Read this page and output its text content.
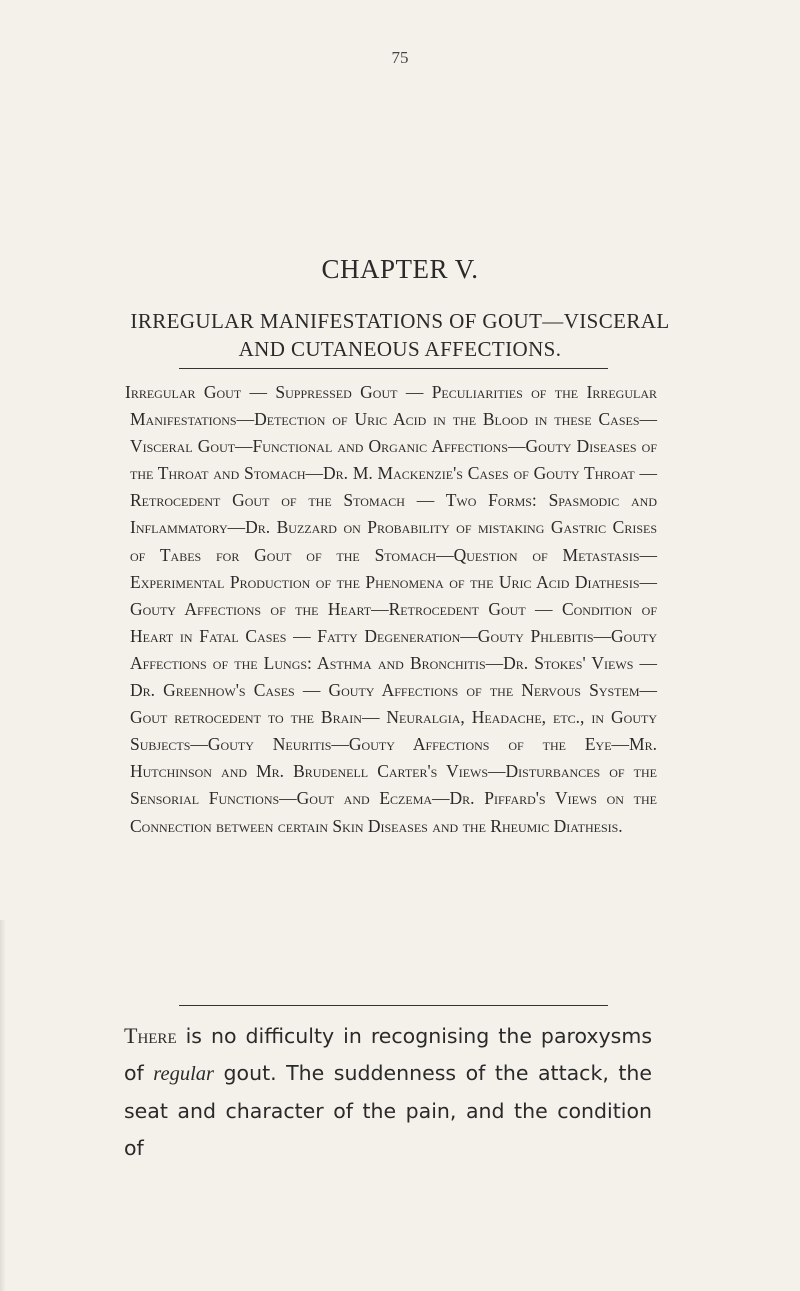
75
CHAPTER V.
IRREGULAR MANIFESTATIONS OF GOUT—VISCERAL
AND CUTANEOUS AFFECTIONS.
Irregular Gout — Suppressed Gout — Peculiarities of the Irregular Manifestations—Detection of Uric Acid in the Blood in these Cases—Visceral Gout—Functional and Organic Affections—Gouty Diseases of the Throat and Stomach—Dr. M. Mackenzie's Cases of Gouty Throat — Retrocedent Gout of the Stomach — Two Forms: Spasmodic and Inflammatory—Dr. Buzzard on Probability of mistaking Gastric Crises of Tabes for Gout of the Stomach—Question of Metastasis—Experimental Production of the Phenomena of the Uric Acid Diathesis—Gouty Affections of the Heart—Retrocedent Gout — Condition of Heart in Fatal Cases — Fatty Degeneration—Gouty Phlebitis—Gouty Affections of the Lungs: Asthma and Bronchitis—Dr. Stokes' Views —Dr. Greenhow's Cases — Gouty Affections of the Nervous System—Gout retrocedent to the Brain— Neuralgia, Headache, etc., in Gouty Subjects—Gouty Neuritis—Gouty Affections of the Eye—Mr. Hutchinson and Mr. Brudenell Carter's Views—Disturbances of the Sensorial Functions—Gout and Eczema—Dr. Piffard's Views on the Connection between certain Skin Diseases and the Rheumic Diathesis.
There is no difficulty in recognising the paroxysms of regular gout. The suddenness of the attack, the seat and character of the pain, and the condition of
